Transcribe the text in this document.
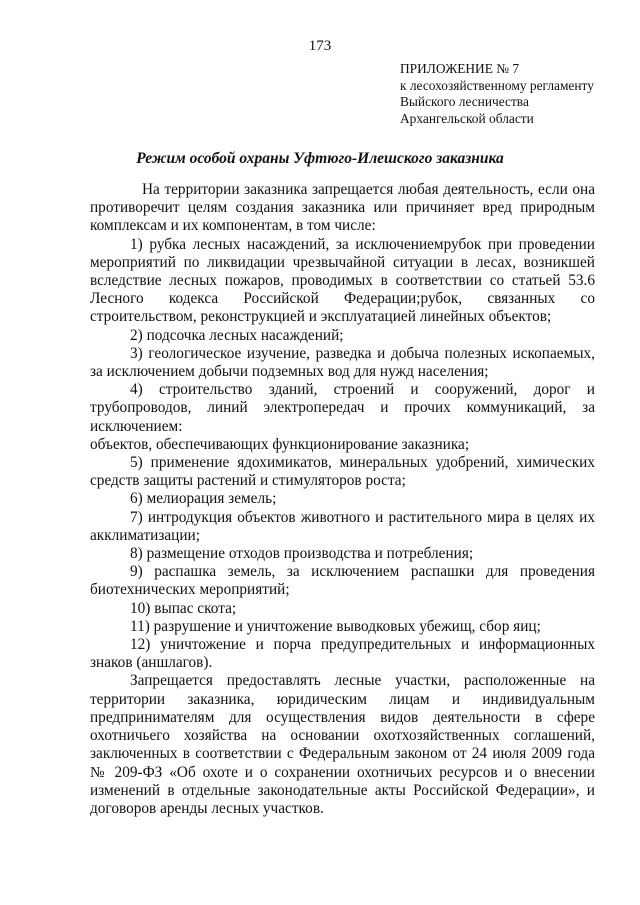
173
ПРИЛОЖЕНИЕ № 7
к лесохозяйственному регламенту
Выйского лесничества
Архангельской области
Режим особой охраны Уфтюго-Илешского заказника

На территории заказника запрещается любая деятельность, если она противоречит целям создания заказника или причиняет вред природным комплексам и их компонентам, в том числе:

1) рубка лесных насаждений, за исключениемрубок при проведении мероприятий по ликвидации чрезвычайной ситуации в лесах, возникшей вследствие лесных пожаров, проводимых в соответствии со статьей 53.6 Лесного кодекса Российской Федерации;рубок, связанных со строительством, реконструкцией и эксплуатацией линейных объектов;

2) подсочка лесных насаждений;

3) геологическое изучение, разведка и добыча полезных ископаемых, за исключением добычи подземных вод для нужд населения;

4) строительство зданий, строений и сооружений, дорог и трубопроводов, линий электропередач и прочих коммуникаций, за исключением:

объектов, обеспечивающих функционирование заказника;

5) применение ядохимикатов, минеральных удобрений, химических средств защиты растений и стимуляторов роста;

6) мелиорация земель;

7) интродукция объектов животного и растительного мира в целях их акклиматизации;

8) размещение отходов производства и потребления;

9) распашка земель, за исключением распашки для проведения биотехнических мероприятий;

10) выпас скота;

11) разрушение и уничтожение выводковых убежищ, сбор яиц;

12) уничтожение и порча предупредительных и информационных знаков (аншлагов).

Запрещается предоставлять лесные участки, расположенные на территории заказника, юридическим лицам и индивидуальным предпринимателям для осуществления видов деятельности в сфере охотничьего хозяйства на основании охотхозяйственных соглашений, заключенных в соответствии с Федеральным законом от 24 июля 2009 года № 209-ФЗ «Об охоте и о сохранении охотничьих ресурсов и о внесении изменений в отдельные законодательные акты Российской Федерации», и договоров аренды лесных участков.
